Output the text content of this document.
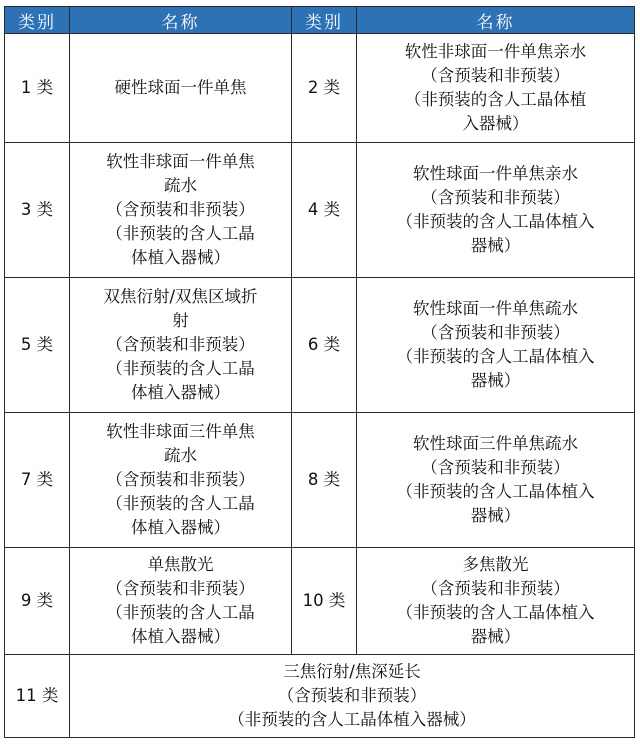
类别	名称	类别	名称
1 类	硬性球面一件单焦	2 类	软性非球面一件单焦亲水
（含预装和非预装）
（非预装的含人工晶体植
入器械）

3 类	软性非球面一件单焦
疏水
（含预装和非预装）
（非预装的含人工晶
体植入器械）	4 类	软性球面一件单焦亲水
（含预装和非预装）
（非预装的含人工晶体植入
器械）

5 类	双焦衍射/双焦区域折
射
（含预装和非预装）
（非预装的含人工晶
体植入器械）	6 类	软性球面一件单焦疏水
（含预装和非预装）
（非预装的含人工晶体植入
器械）

7 类	软性非球面三件单焦
疏水
（含预装和非预装）
（非预装的含人工晶
体植入器械）	8 类	软性球面三件单焦疏水
（含预装和非预装）
（非预装的含人工晶体植入
器械）

9 类	单焦散光
（含预装和非预装）
（非预装的含人工晶
体植入器械）	10 类	多焦散光
（含预装和非预装）
（非预装的含人工晶体植入
器械）

11 类	三焦衍射/焦深延长
（含预装和非预装）
（非预装的含人工晶体植入器械）		
